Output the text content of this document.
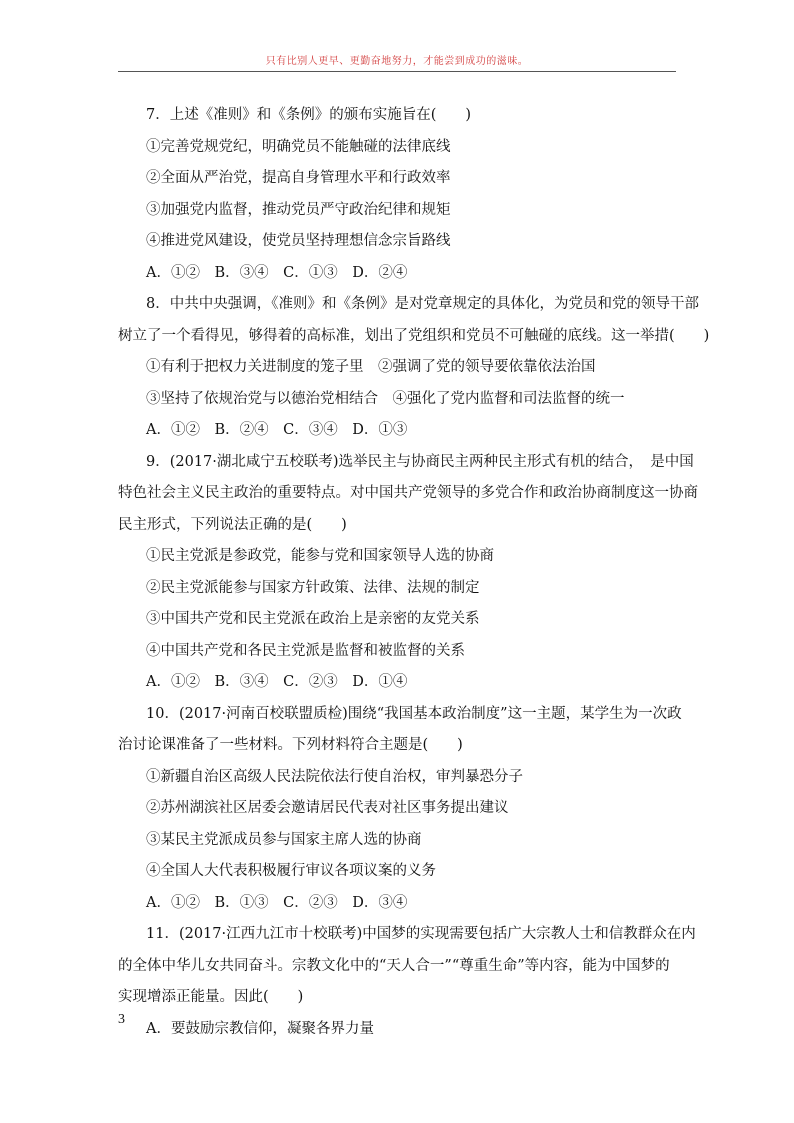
只有比别人更早、更勤奋地努力，才能尝到成功的滋味。
7．上述《准则》和《条例》的颁布实施旨在(　　)
①完善党规党纪，明确党员不能触碰的法律底线
②全面从严治党，提高自身管理水平和行政效率
③加强党内监督，推动党员严守政治纪律和规矩
④推进党风建设，使党员坚持理想信念宗旨路线
A．①②　B．③④　C．①③　D．②④
8．中共中央强调，《准则》和《条例》是对党章规定的具体化，为党员和党的领导干部
树立了一个看得见，够得着的高标准，划出了党组织和党员不可触碰的底线。这一举措(　　)
①有利于把权力关进制度的笼子里　②强调了党的领导要依靠依法治国
③坚持了依规治党与以德治党相结合　④强化了党内监督和司法监督的统一
A．①②　B．②④　C．③④　D．①③
9．(2017·湖北咸宁五校联考)选举民主与协商民主两种民主形式有机的结合，　是中国
特色社会主义民主政治的重要特点。对中国共产党领导的多党合作和政治协商制度这一协商
民主形式，下列说法正确的是(　　)
①民主党派是参政党，能参与党和国家领导人选的协商
②民主党派能参与国家方针政策、法律、法规的制定
③中国共产党和民主党派在政治上是亲密的友党关系
④中国共产党和各民主党派是监督和被监督的关系
A．①②　B．③④　C．②③　D．①④
10．(2017·河南百校联盟质检)围绕“我国基本政治制度”这一主题，某学生为一次政
治讨论课准备了一些材料。下列材料符合主题是(　　)
①新疆自治区高级人民法院依法行使自治权，审判暴恐分子
②苏州湖滨社区居委会邀请居民代表对社区事务提出建议
③某民主党派成员参与国家主席人选的协商
④全国人大代表积极履行审议各项议案的义务
A．①②　B．①③　C．②③　D．③④
11．(2017·江西九江市十校联考)中国梦的实现需要包括广大宗教人士和信教群众在内
的全体中华儿女共同奋斗。宗教文化中的“天人合一”“尊重生命”等内容，能为中国梦的
实现增添正能量。因此(　　)
A．要鼓励宗教信仰，凝聚各界力量
3
